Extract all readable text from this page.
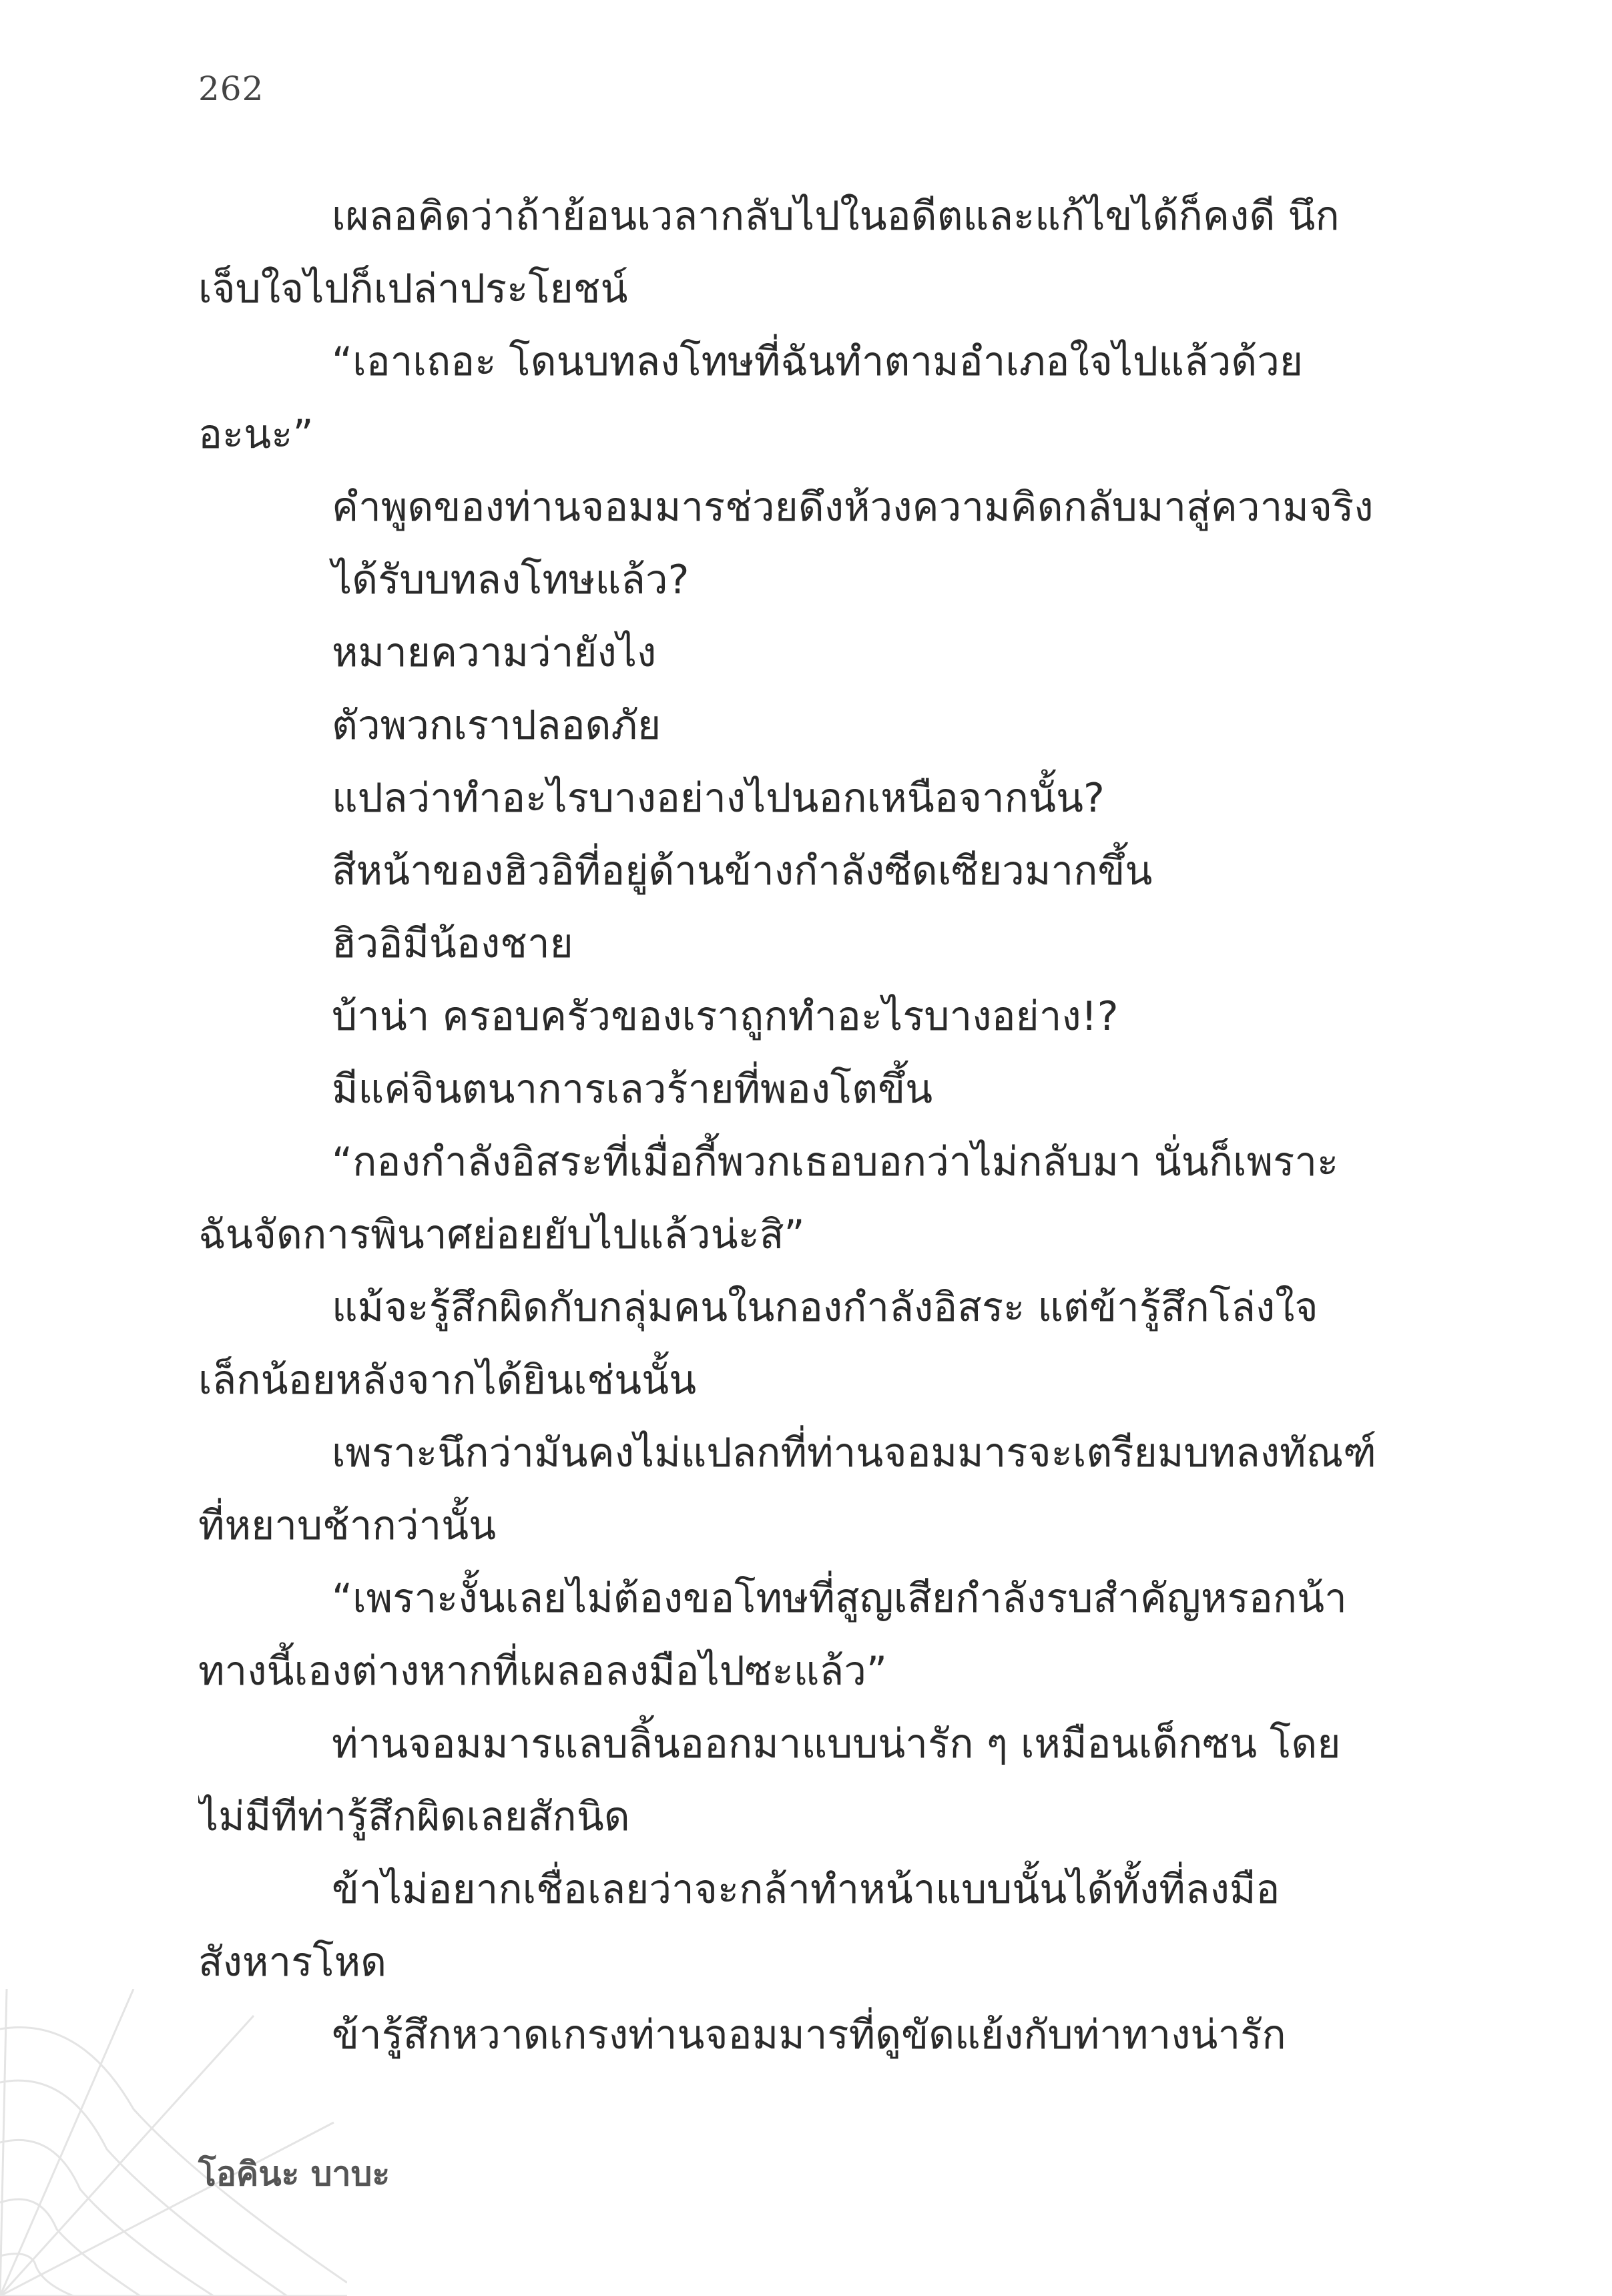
262
เผลอคิดว่าถ้าย้อนเวลากลับไปในอดีตและแก้ไขได้ก็คงดี นึก
เจ็บใจไปก็เปล่าประโยชน์
“เอาเถอะ โดนบทลงโทษที่ฉันทำตามอำเภอใจไปแล้วด้วย
อะนะ”
คำพูดของท่านจอมมารช่วยดึงห้วงความคิดกลับมาสู่ความจริง
ได้รับบทลงโทษแล้ว?
หมายความว่ายังไง
ตัวพวกเราปลอดภัย
แปลว่าทำอะไรบางอย่างไปนอกเหนือจากนั้น?
สีหน้าของฮิวอิที่อยู่ด้านข้างกำลังซีดเซียวมากขึ้น
ฮิวอิมีน้องชาย
บ้าน่า ครอบครัวของเราถูกทำอะไรบางอย่าง!?
มีแค่จินตนาการเลวร้ายที่พองโตขึ้น
“กองกำลังอิสระที่เมื่อกี้พวกเธอบอกว่าไม่กลับมา นั่นก็เพราะ
ฉันจัดการพินาศย่อยยับไปแล้วน่ะสิ”
แม้จะรู้สึกผิดกับกลุ่มคนในกองกำลังอิสระ แต่ข้ารู้สึกโล่งใจ
เล็กน้อยหลังจากได้ยินเช่นนั้น
เพราะนึกว่ามันคงไม่แปลกที่ท่านจอมมารจะเตรียมบทลงทัณฑ์
ที่หยาบช้ากว่านั้น
“เพราะงั้นเลยไม่ต้องขอโทษที่สูญเสียกำลังรบสำคัญหรอกน้า
ทางนี้เองต่างหากที่เผลอลงมือไปซะแล้ว”
ท่านจอมมารแลบลิ้นออกมาแบบน่ารัก ๆ เหมือนเด็กซน โดย
ไม่มีทีท่ารู้สึกผิดเลยสักนิด
ข้าไม่อยากเชื่อเลยว่าจะกล้าทำหน้าแบบนั้นได้ทั้งที่ลงมือ
สังหารโหด
ข้ารู้สึกหวาดเกรงท่านจอมมารที่ดูขัดแย้งกับท่าทางน่ารัก
โอคินะ บาบะ
